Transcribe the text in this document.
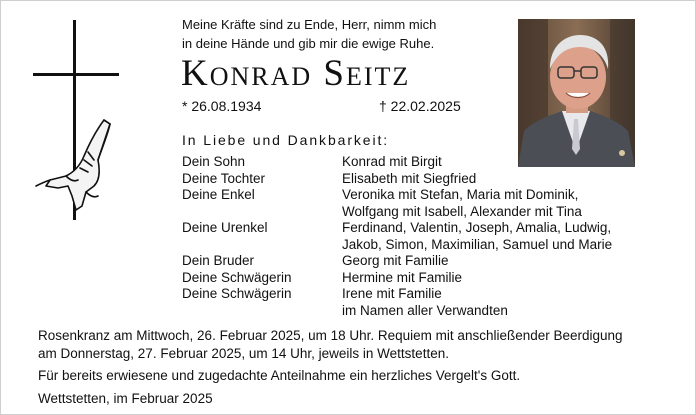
Meine Kräfte sind zu Ende, Herr, nimm mich
in deine Hände und gib mir die ewige Ruhe.
Konrad Seitz
* 26.08.1934	† 22.02.2025
In Liebe und Dankbarkeit:
Dein Sohn	Konrad mit Birgit
Deine Tochter	Elisabeth mit Siegfried
Deine Enkel	Veronika mit Stefan, Maria mit Dominik,
Wolfgang mit Isabell, Alexander mit Tina
Deine Urenkel	Ferdinand, Valentin, Joseph, Amalia, Ludwig,
Jakob, Simon, Maximilian, Samuel und Marie
Dein Bruder	Georg mit Familie
Deine Schwägerin	Hermine mit Familie
Deine Schwägerin	Irene mit Familie
im Namen aller Verwandten
Rosenkranz am Mittwoch, 26. Februar 2025, um 18 Uhr. Requiem mit anschließender Beerdigung
am Donnerstag, 27. Februar 2025, um 14 Uhr, jeweils in Wettstetten.
Für bereits erwiesene und zugedachte Anteilnahme ein herzliches Vergelt's Gott.
Wettstetten, im Februar 2025
